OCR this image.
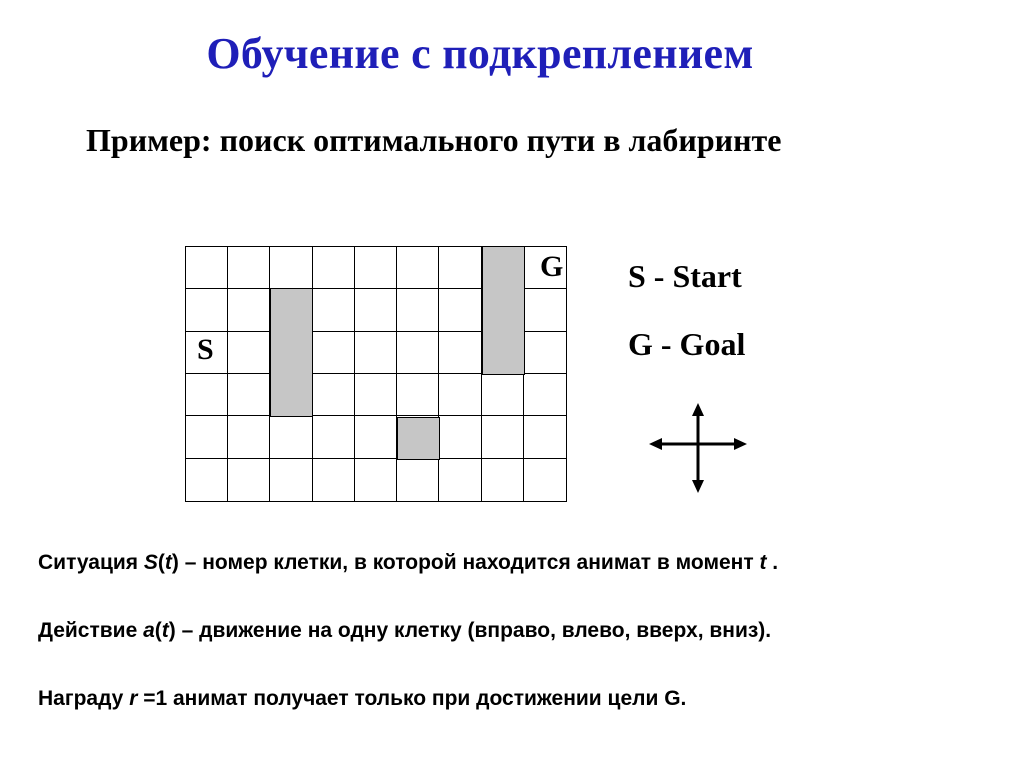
Обучение с подкреплением
Пример: поиск оптимального пути в лабиринте
S
G S - Start
G - Goal
Ситуация S(t) – номер клетки, в которой находится анимат в момент t .
Действие a(t) – движение на одну клетку (вправо, влево, вверх, вниз).
Награду r =1 анимат получает только при достижении цели G.
